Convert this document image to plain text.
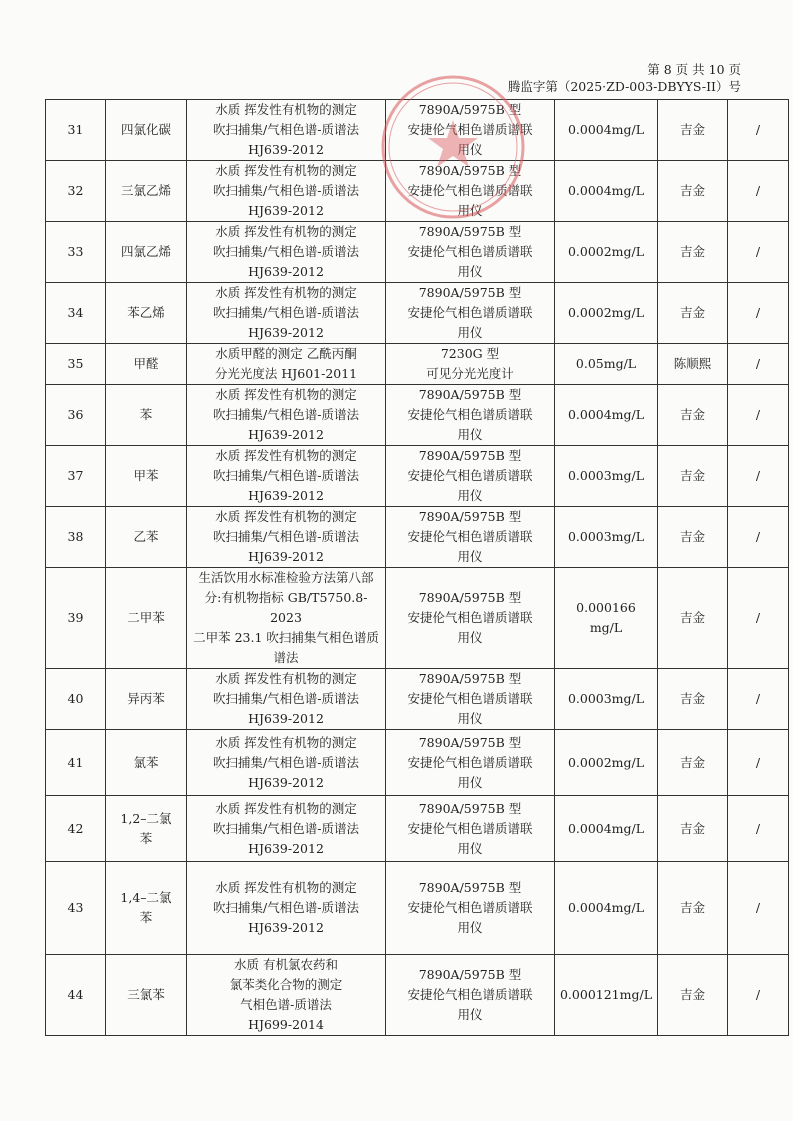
第 8 页 共 10 页
腾监字第（2025·ZD-003-DBYYS-II）号
31	四氯化碳	水质 挥发性有机物的测定
吹扫捕集/气相色谱-质谱法
HJ639-2012	7890A/5975B 型
安捷伦气相色谱质谱联
用仪	0.0004mg/L	吉金	/
32	三氯乙烯	水质 挥发性有机物的测定
吹扫捕集/气相色谱-质谱法
HJ639-2012	7890A/5975B 型
安捷伦气相色谱质谱联
用仪	0.0004mg/L	吉金	/
33	四氯乙烯	水质 挥发性有机物的测定
吹扫捕集/气相色谱-质谱法
HJ639-2012	7890A/5975B 型
安捷伦气相色谱质谱联
用仪	0.0002mg/L	吉金	/
34	苯乙烯	水质 挥发性有机物的测定
吹扫捕集/气相色谱-质谱法
HJ639-2012	7890A/5975B 型
安捷伦气相色谱质谱联
用仪	0.0002mg/L	吉金	/
35	甲醛	水质甲醛的测定 乙酰丙酮
分光光度法 HJ601-2011	7230G 型
可见分光光度计	0.05mg/L	陈顺熙	/
36	苯	水质 挥发性有机物的测定
吹扫捕集/气相色谱-质谱法
HJ639-2012	7890A/5975B 型
安捷伦气相色谱质谱联
用仪	0.0004mg/L	吉金	/
37	甲苯	水质 挥发性有机物的测定
吹扫捕集/气相色谱-质谱法
HJ639-2012	7890A/5975B 型
安捷伦气相色谱质谱联
用仪	0.0003mg/L	吉金	/
38	乙苯	水质 挥发性有机物的测定
吹扫捕集/气相色谱-质谱法
HJ639-2012	7890A/5975B 型
安捷伦气相色谱质谱联
用仪	0.0003mg/L	吉金	/
39	二甲苯	生活饮用水标准检验方法第八部
分:有机物指标 GB/T5750.8-2023
二甲苯 23.1 吹扫捕集气相色谱质
谱法	7890A/5975B 型
安捷伦气相色谱质谱联
用仪	0.000166
mg/L	吉金	/
40	异丙苯	水质 挥发性有机物的测定
吹扫捕集/气相色谱-质谱法
HJ639-2012	7890A/5975B 型
安捷伦气相色谱质谱联
用仪	0.0003mg/L	吉金	/
41	氯苯	水质 挥发性有机物的测定
吹扫捕集/气相色谱-质谱法
HJ639-2012	7890A/5975B 型
安捷伦气相色谱质谱联
用仪	0.0002mg/L	吉金	/
42	1,2–二氯
苯	水质 挥发性有机物的测定
吹扫捕集/气相色谱-质谱法
HJ639-2012	7890A/5975B 型
安捷伦气相色谱质谱联
用仪	0.0004mg/L	吉金	/
43	1,4–二氯
苯	水质 挥发性有机物的测定
吹扫捕集/气相色谱-质谱法
HJ639-2012	7890A/5975B 型
安捷伦气相色谱质谱联
用仪	0.0004mg/L	吉金	/
44	三氯苯	水质 有机氯农药和
氯苯类化合物的测定
气相色谱-质谱法
HJ699-2014	7890A/5975B 型
安捷伦气相色谱质谱联
用仪	0.000121mg/L	吉金	/
